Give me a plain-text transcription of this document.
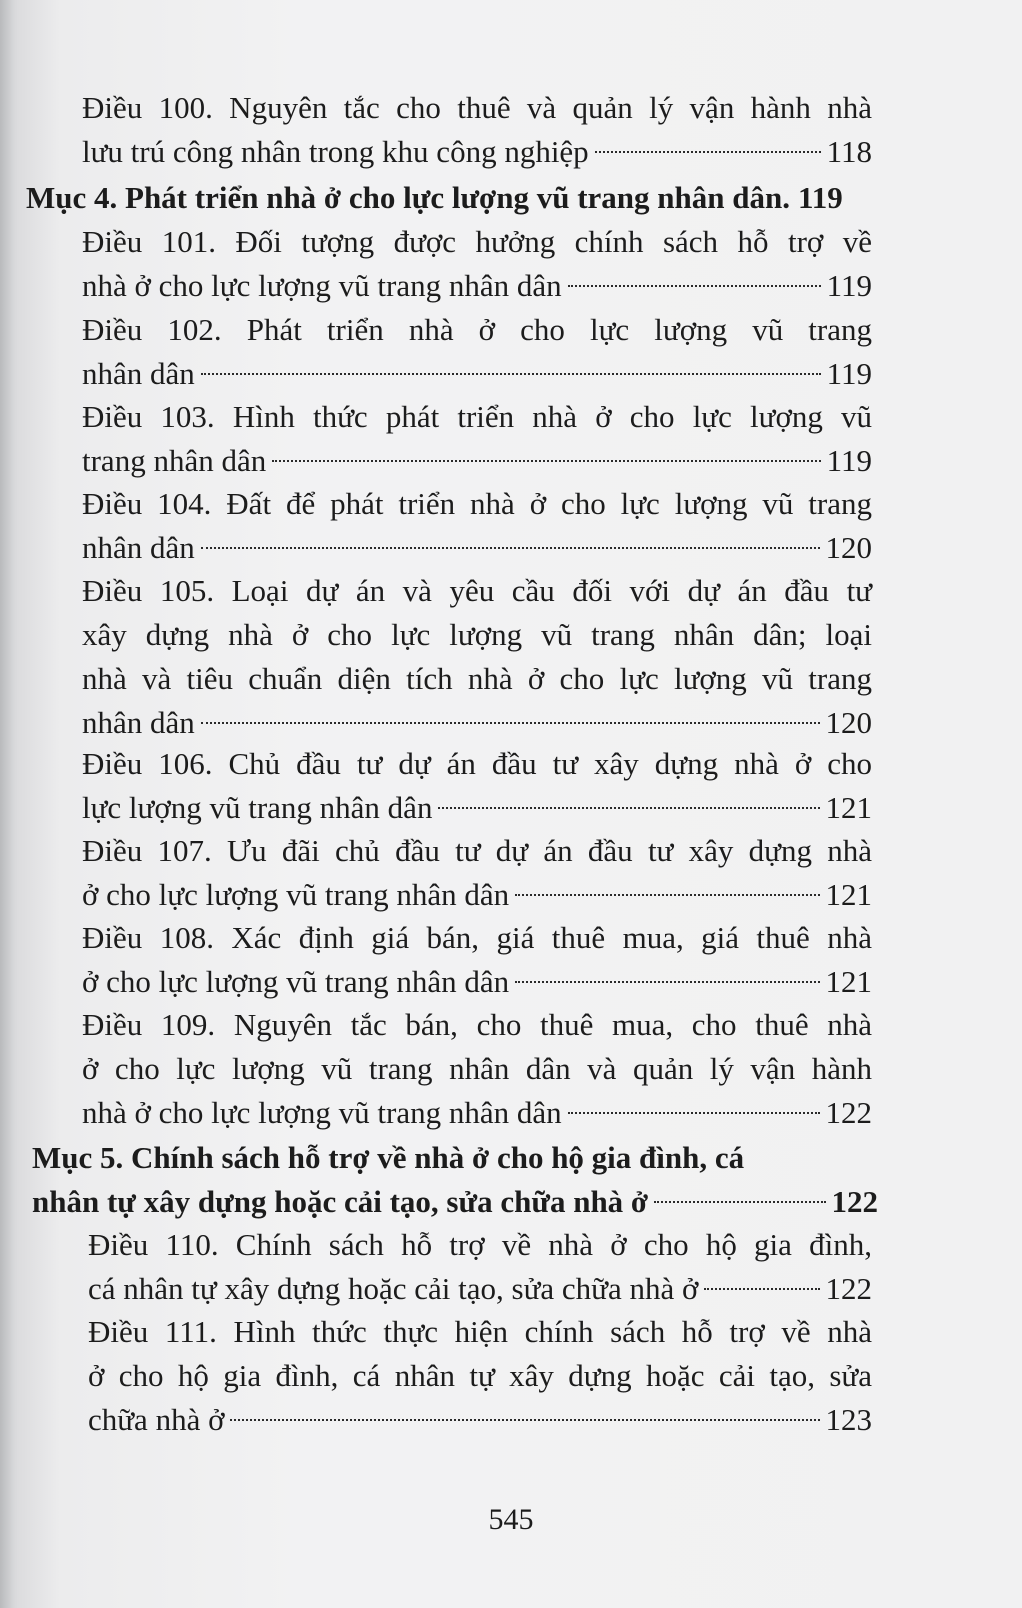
Điều 100. Nguyên tắc cho thuê và quản lý vận hành nhà
lưu trú công nhân trong khu công nghiệp	118
Mục 4. Phát triển nhà ở cho lực lượng vũ trang nhân dân. 119
Điều 101. Đối tượng được hưởng chính sách hỗ trợ về
nhà ở cho lực lượng vũ trang nhân dân	119
Điều 102. Phát triển nhà ở cho lực lượng vũ trang
nhân dân	119
Điều 103. Hình thức phát triển nhà ở cho lực lượng vũ
trang nhân dân	119
Điều 104. Đất để phát triển nhà ở cho lực lượng vũ trang
nhân dân	120
Điều 105. Loại dự án và yêu cầu đối với dự án đầu tư
xây dựng nhà ở cho lực lượng vũ trang nhân dân; loại
nhà và tiêu chuẩn diện tích nhà ở cho lực lượng vũ trang
nhân dân	120
Điều 106. Chủ đầu tư dự án đầu tư xây dựng nhà ở cho
lực lượng vũ trang nhân dân	121
Điều 107. Ưu đãi chủ đầu tư dự án đầu tư xây dựng nhà
ở cho lực lượng vũ trang nhân dân	121
Điều 108. Xác định giá bán, giá thuê mua, giá thuê nhà
ở cho lực lượng vũ trang nhân dân	121
Điều 109. Nguyên tắc bán, cho thuê mua, cho thuê nhà
ở cho lực lượng vũ trang nhân dân và quản lý vận hành
nhà ở cho lực lượng vũ trang nhân dân	122
Mục 5. Chính sách hỗ trợ về nhà ở cho hộ gia đình, cá
nhân tự xây dựng hoặc cải tạo, sửa chữa nhà ở	122
Điều 110. Chính sách hỗ trợ về nhà ở cho hộ gia đình,
cá nhân tự xây dựng hoặc cải tạo, sửa chữa nhà ở	122
Điều 111. Hình thức thực hiện chính sách hỗ trợ về nhà
ở cho hộ gia đình, cá nhân tự xây dựng hoặc cải tạo, sửa
chữa nhà ở	123
545
